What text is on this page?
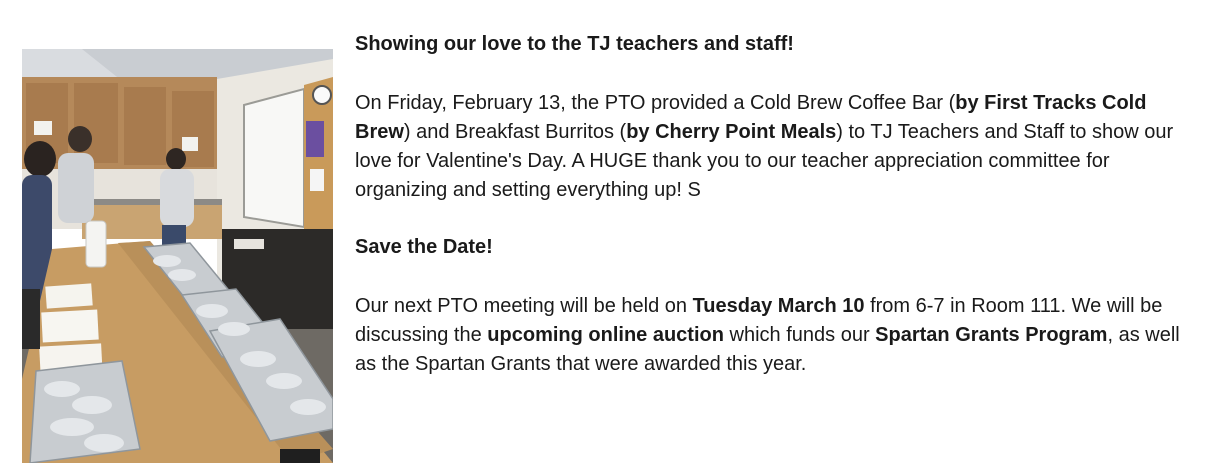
Showing our love to the TJ teachers and staff!

On Friday, February 13, the PTO provided a Cold Brew Coffee Bar (by First Tracks Cold Brew) and Breakfast Burritos (by Cherry Point Meals) to TJ Teachers and Staff to show our love for Valentine's Day. A HUGE thank you to our teacher appreciation committee for organizing and setting everything up! S

Save the Date!

Our next PTO meeting will be held on Tuesday March 10 from 6-7 in Room 111. We will be discussing the upcoming online auction which funds our Spartan Grants Program, as well as the Spartan Grants that were awarded this year.
